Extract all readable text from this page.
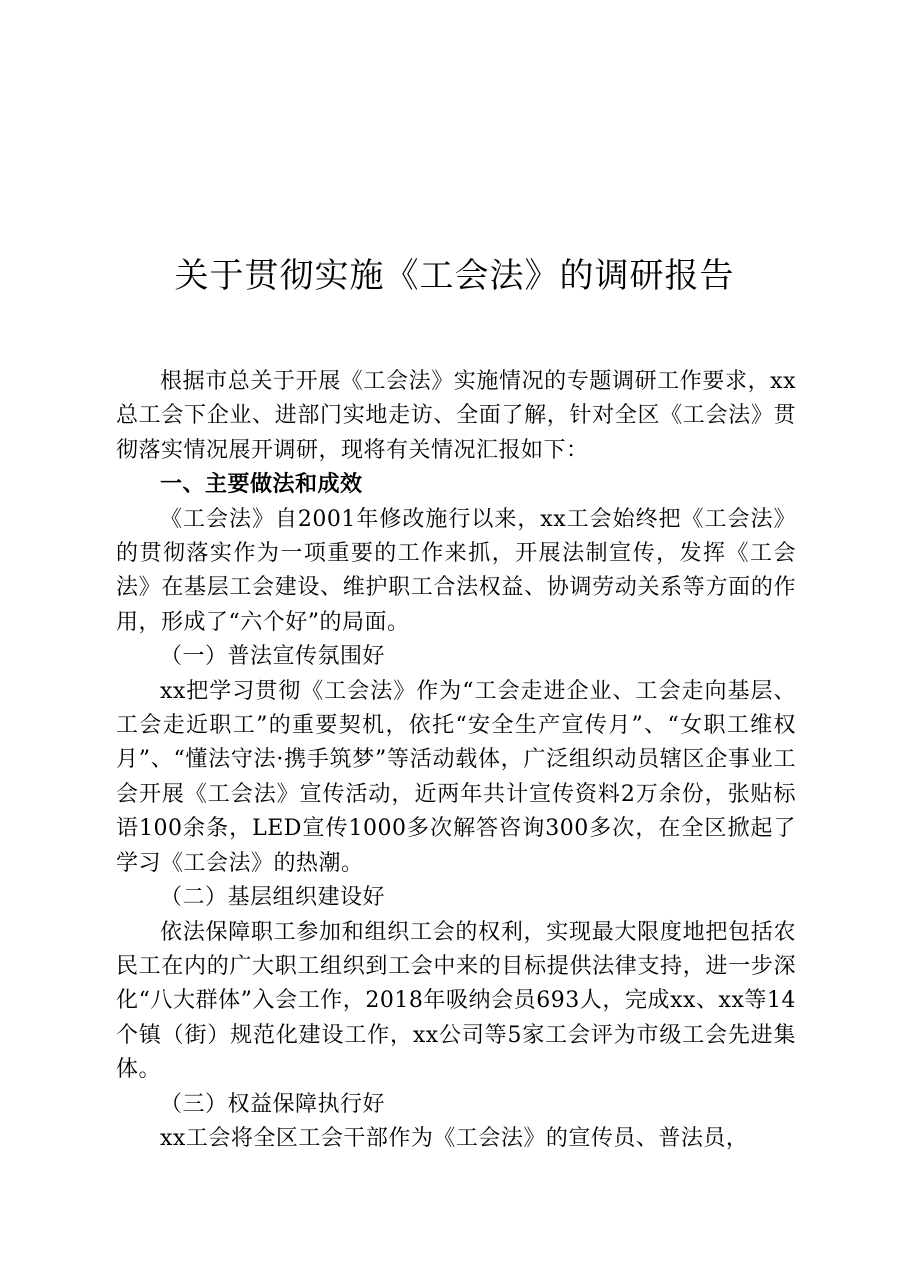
关于贯彻实施《工会法》的调研报告

根据市总关于开展《工会法》实施情况的专题调研工作要求，xx总工会下企业、进部门实地走访、全面了解，针对全区《工会法》贯彻落实情况展开调研，现将有关情况汇报如下：

一、主要做法和成效

《工会法》自2001年修改施行以来，xx工会始终把《工会法》的贯彻落实作为一项重要的工作来抓，开展法制宣传，发挥《工会法》在基层工会建设、维护职工合法权益、协调劳动关系等方面的作用，形成了“六个好”的局面。

（一）普法宣传氛围好

xx把学习贯彻《工会法》作为“工会走进企业、工会走向基层、工会走近职工”的重要契机，依托“安全生产宣传月”、“女职工维权月”、“懂法守法·携手筑梦”等活动载体，广泛组织动员辖区企事业工会开展《工会法》宣传活动，近两年共计宣传资料2万余份，张贴标语100余条，LED宣传1000多次解答咨询300多次，在全区掀起了学习《工会法》的热潮。

（二）基层组织建设好

依法保障职工参加和组织工会的权利，实现最大限度地把包括农民工在内的广大职工组织到工会中来的目标提供法律支持，进一步深化“八大群体”入会工作，2018年吸纳会员693人，完成xx、xx等14个镇（街）规范化建设工作，xx公司等5家工会评为市级工会先进集体。

（三）权益保障执行好

xx工会将全区工会干部作为《工会法》的宣传员、普法员，
